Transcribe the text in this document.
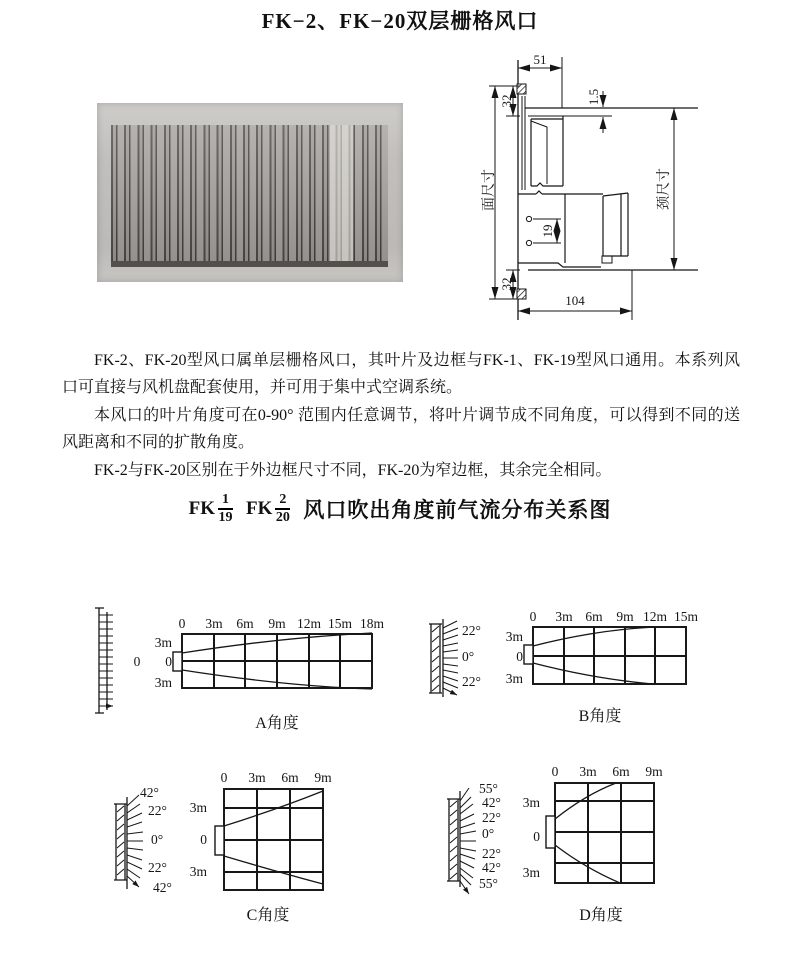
FK−2、FK−20双层栅格风口
51
1.5
32
32
面尺寸	颈尺寸
19
104

FK-2、FK-20型风口属单层栅格风口，其叶片及边框与FK-1、FK-19型风口通用。本系列风口可直接与风机盘配套使用，并可用于集中式空调系统。

本风口的叶片角度可在0-90° 范围内任意调节，将叶片调节成不同角度，可以得到不同的送风距离和不同的扩散角度。

FK-2与FK-20区别在于外边框尺寸不同，FK-20为窄边框，其余完全相同。

FK $\frac{1}{19}$ FK $\frac{2}{20}$ 风口吹出角度前气流分布关系图
0
0 3m 6m 9m 12m 15m 18m
3m
0
3m
A角度
22°
0°
22°
0 3m 6m 9m 12m 15m
3m
0
3m
B角度
42°
22°
0°
22°
42°
0 3m 6m 9m
3m
0
3m
C角度
55°
42°
22°
0°
22°
42°
55°
0 3m 6m 9m
3m
0
3m
D角度
